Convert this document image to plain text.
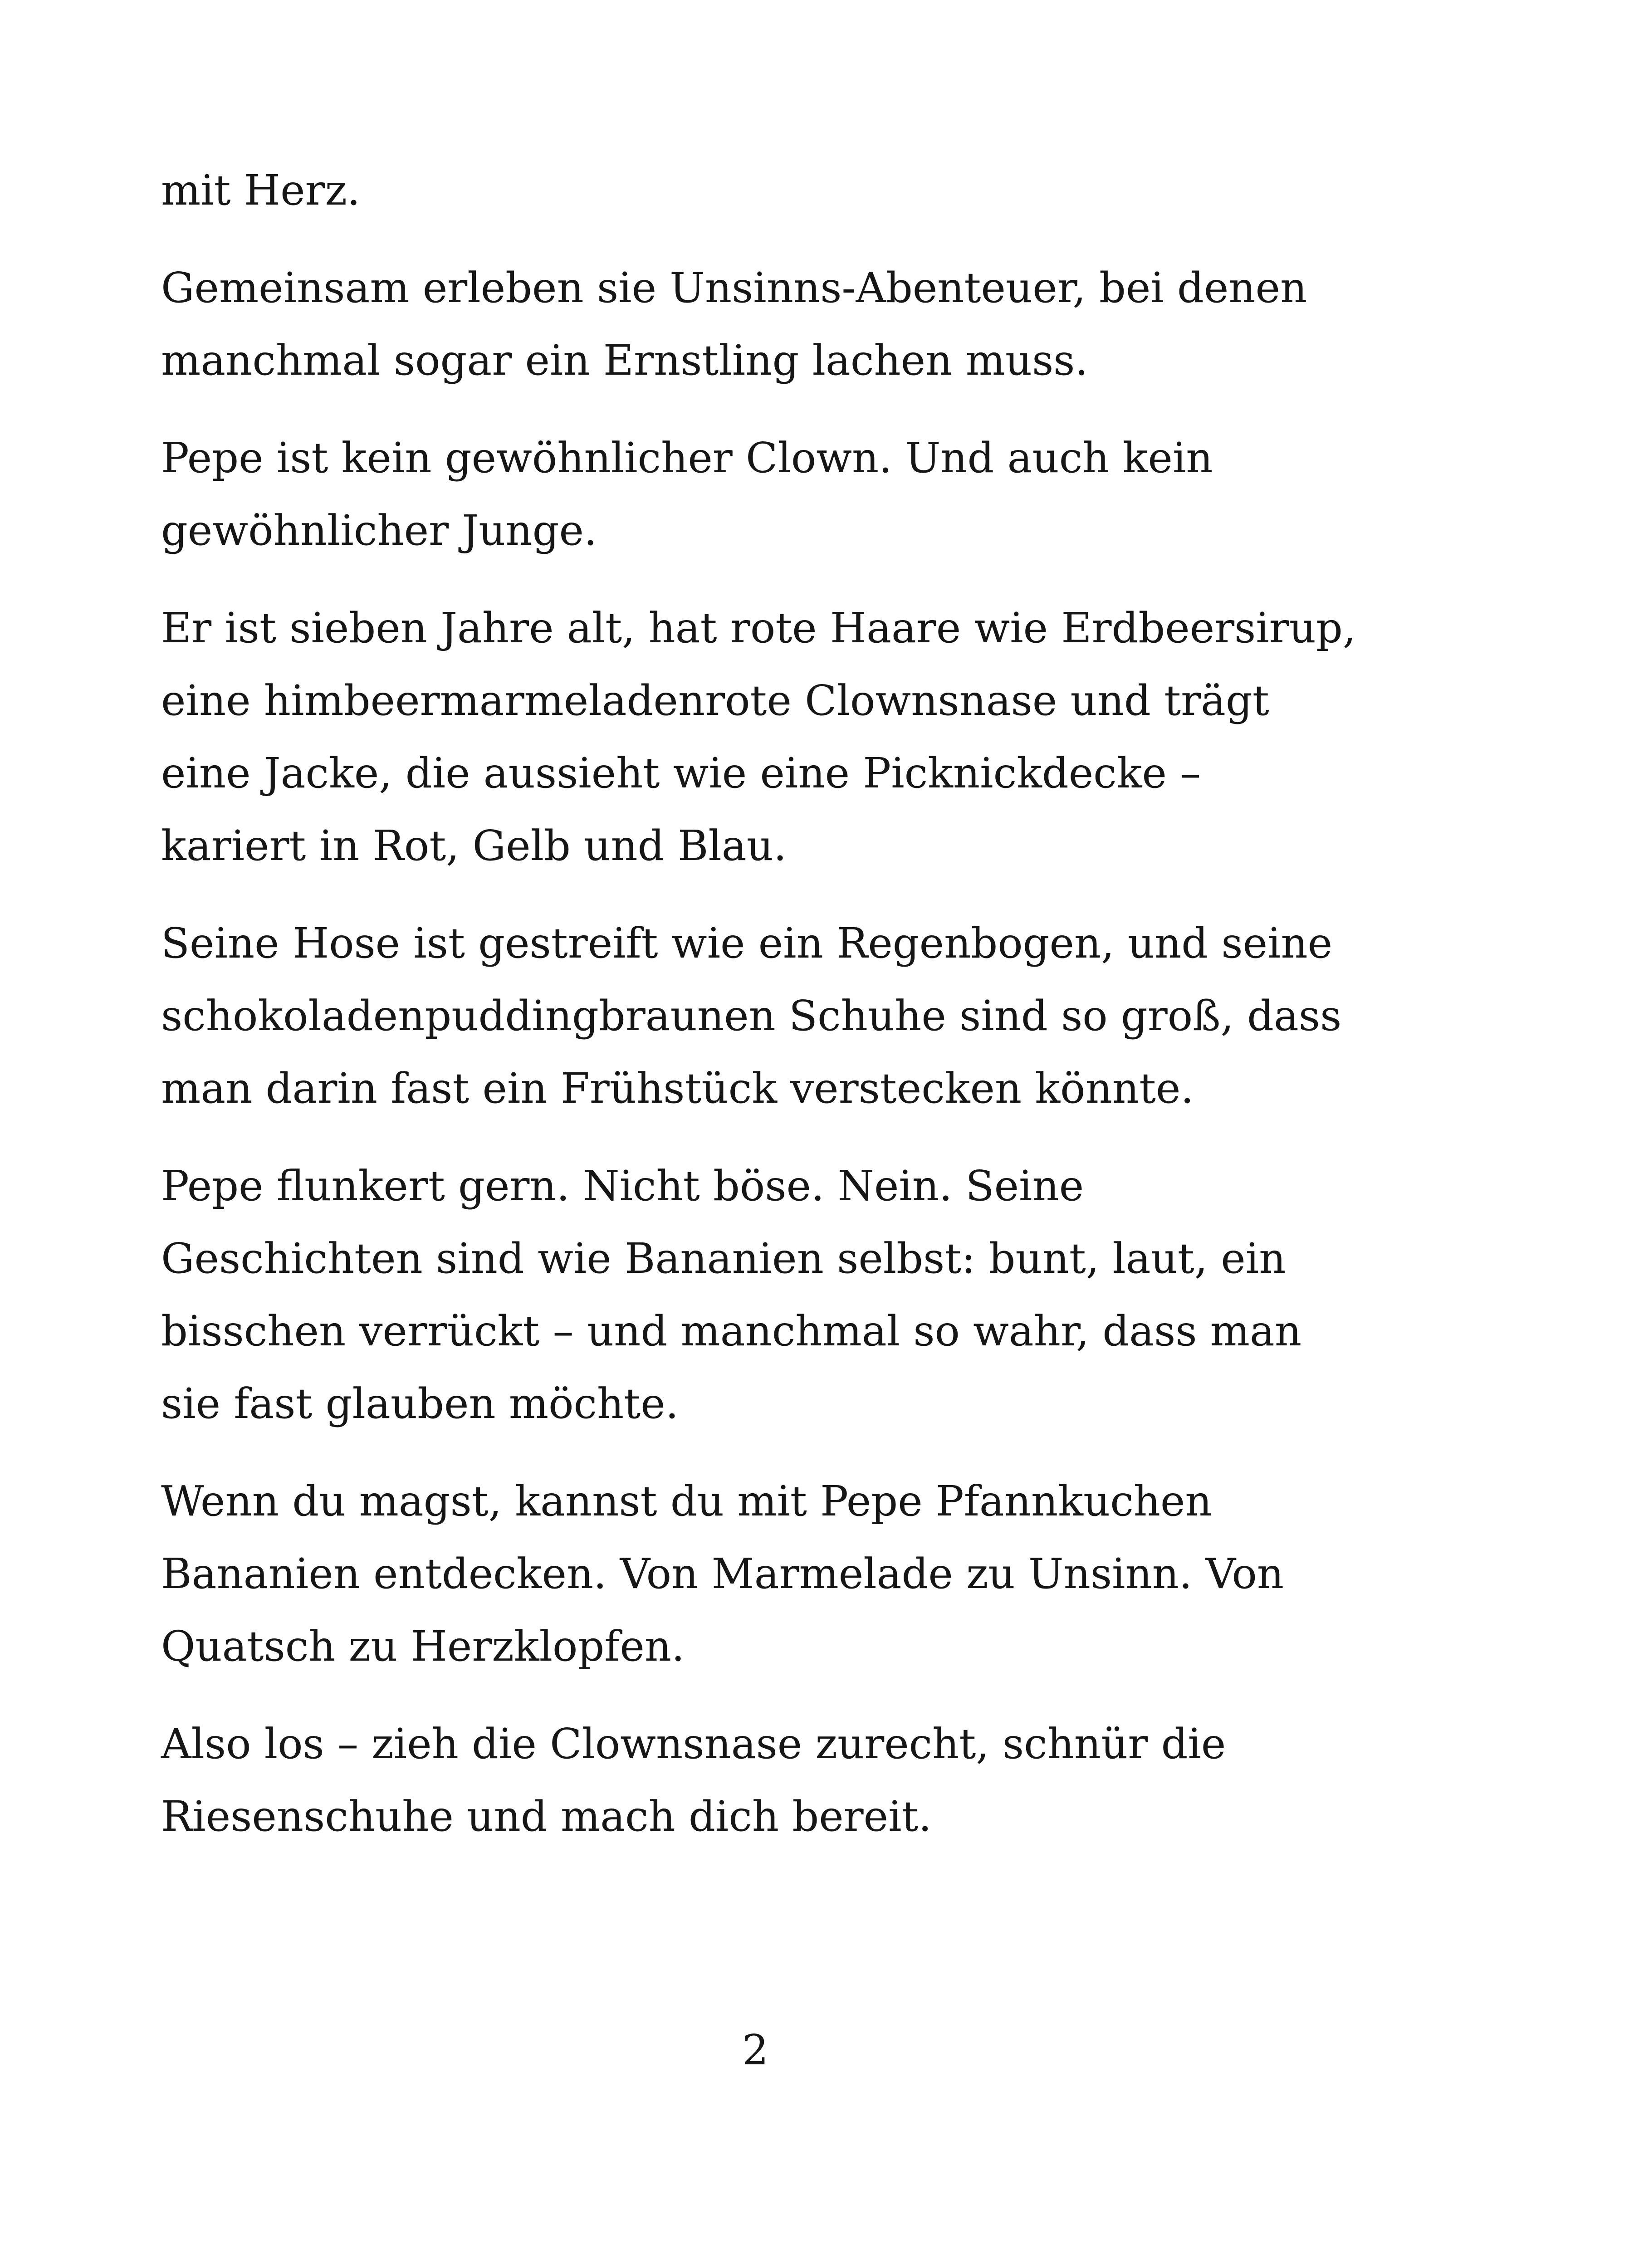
mit Herz.

Gemeinsam erleben sie Unsinns-Abenteuer, bei denen manchmal sogar ein Ernstling lachen muss.

Pepe ist kein gewöhnlicher Clown. Und auch kein gewöhnlicher Junge.

Er ist sieben Jahre alt, hat rote Haare wie Erdbeersirup, eine himbeermarmeladenrote Clownsnase und trägt eine Jacke, die aussieht wie eine Picknickdecke – kariert in Rot, Gelb und Blau.

Seine Hose ist gestreift wie ein Regenbogen, und seine schokoladenpuddingbraunen Schuhe sind so groß, dass man darin fast ein Frühstück verstecken könnte.

Pepe flunkert gern. Nicht böse. Nein. Seine Geschichten sind wie Bananien selbst: bunt, laut, ein bisschen verrückt – und manchmal so wahr, dass man sie fast glauben möchte.

Wenn du magst, kannst du mit Pepe Pfannkuchen Bananien entdecken. Von Marmelade zu Unsinn. Von Quatsch zu Herzklopfen.

Also los – zieh die Clownsnase zurecht, schnür die Riesenschuhe und mach dich bereit.

2
